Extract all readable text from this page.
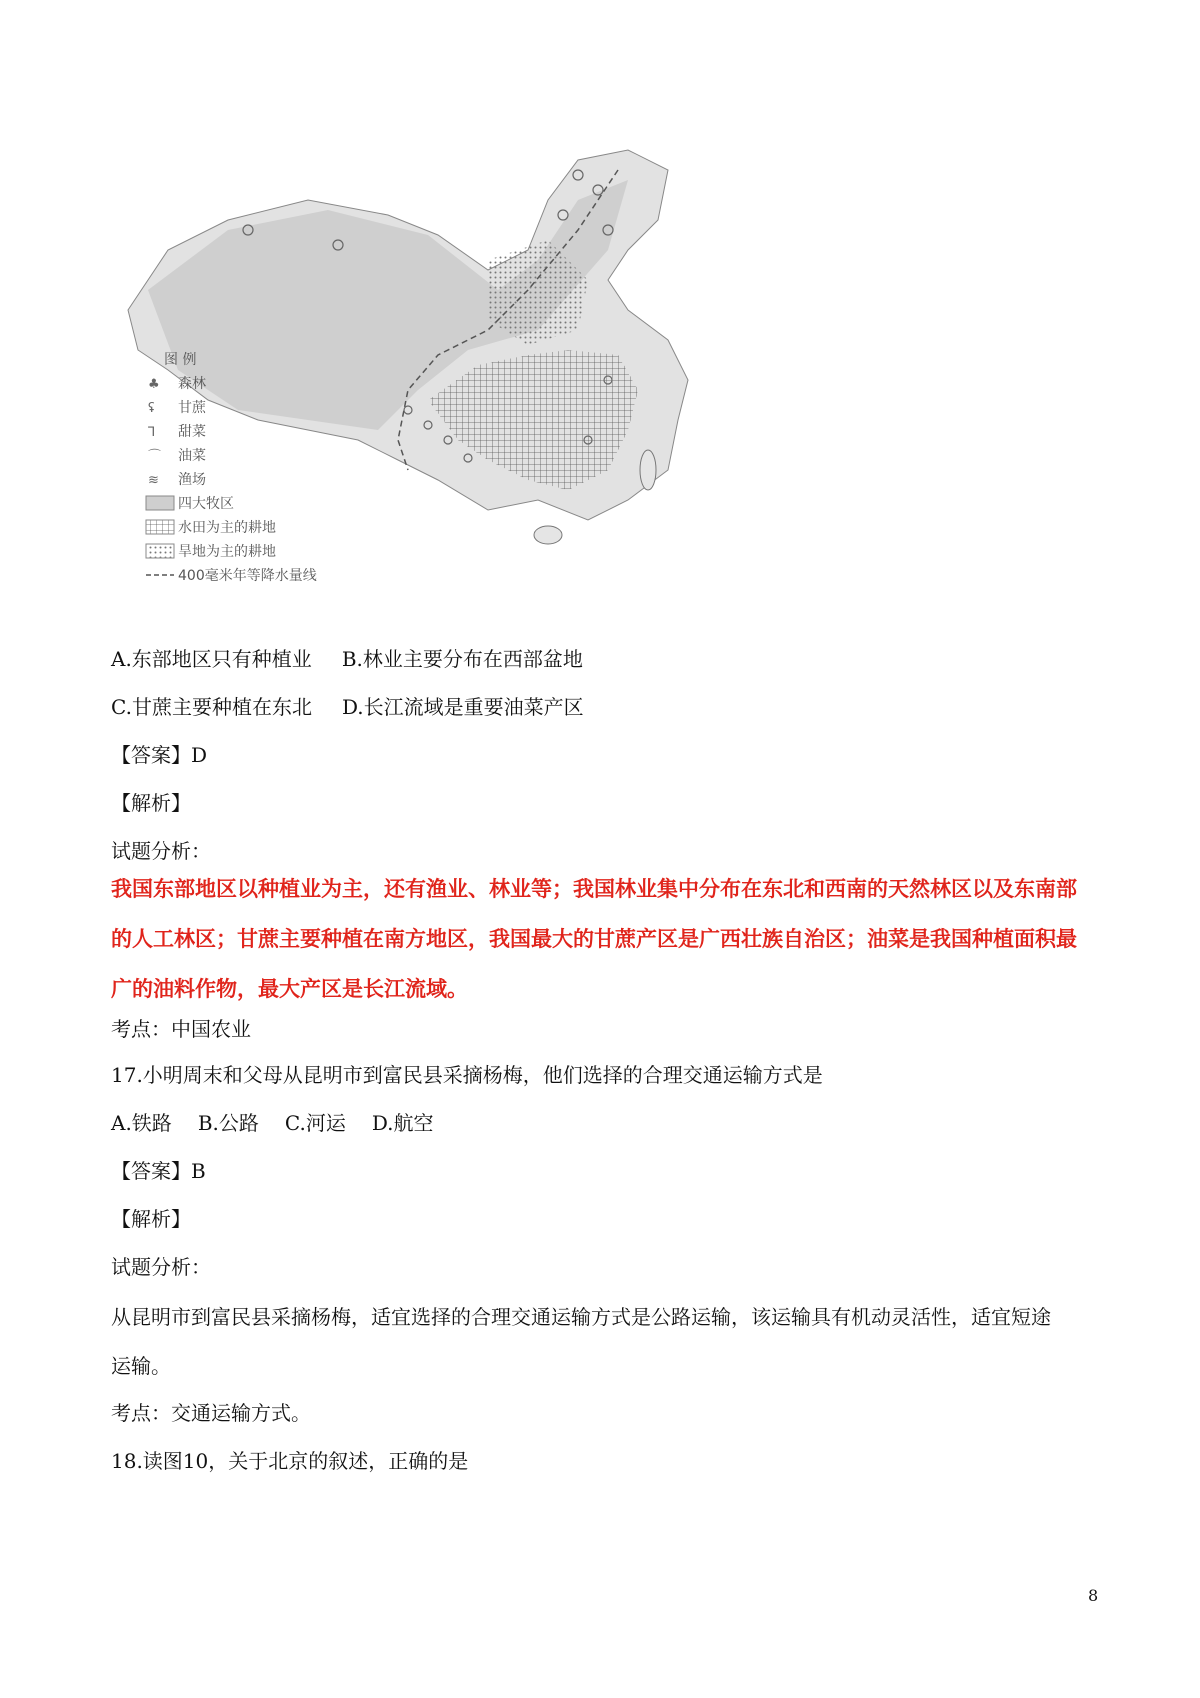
图 例
♣ 森林
ʢ 甘蔗
⅂ 甜菜
⌒ 油菜
≋ 渔场
四大牧区
水田为主的耕地
旱地为主的耕地
400毫米年等降水量线
A.东部地区只有种植业 B.林业主要分布在西部盆地
C.甘蔗主要种植在东北 D.长江流域是重要油菜产区
【答案】D
【解析】
试题分析：
我国东部地区以种植业为主，还有渔业、林业等；我国林业集中分布在东北和西南的天然林区以及东南部
的人工林区；甘蔗主要种植在南方地区，我国最大的甘蔗产区是广西壮族自治区；油菜是我国种植面积最
广的油料作物，最大产区是长江流域。
考点：中国农业
17.小明周末和父母从昆明市到富民县采摘杨梅，他们选择的合理交通运输方式是
A.铁路 B.公路 C.河运 D.航空
【答案】B
【解析】
试题分析：
从昆明市到富民县采摘杨梅，适宜选择的合理交通运输方式是公路运输，该运输具有机动灵活性，适宜短途
运输。
考点：交通运输方式。
18.读图10，关于北京的叙述，正确的是
8
